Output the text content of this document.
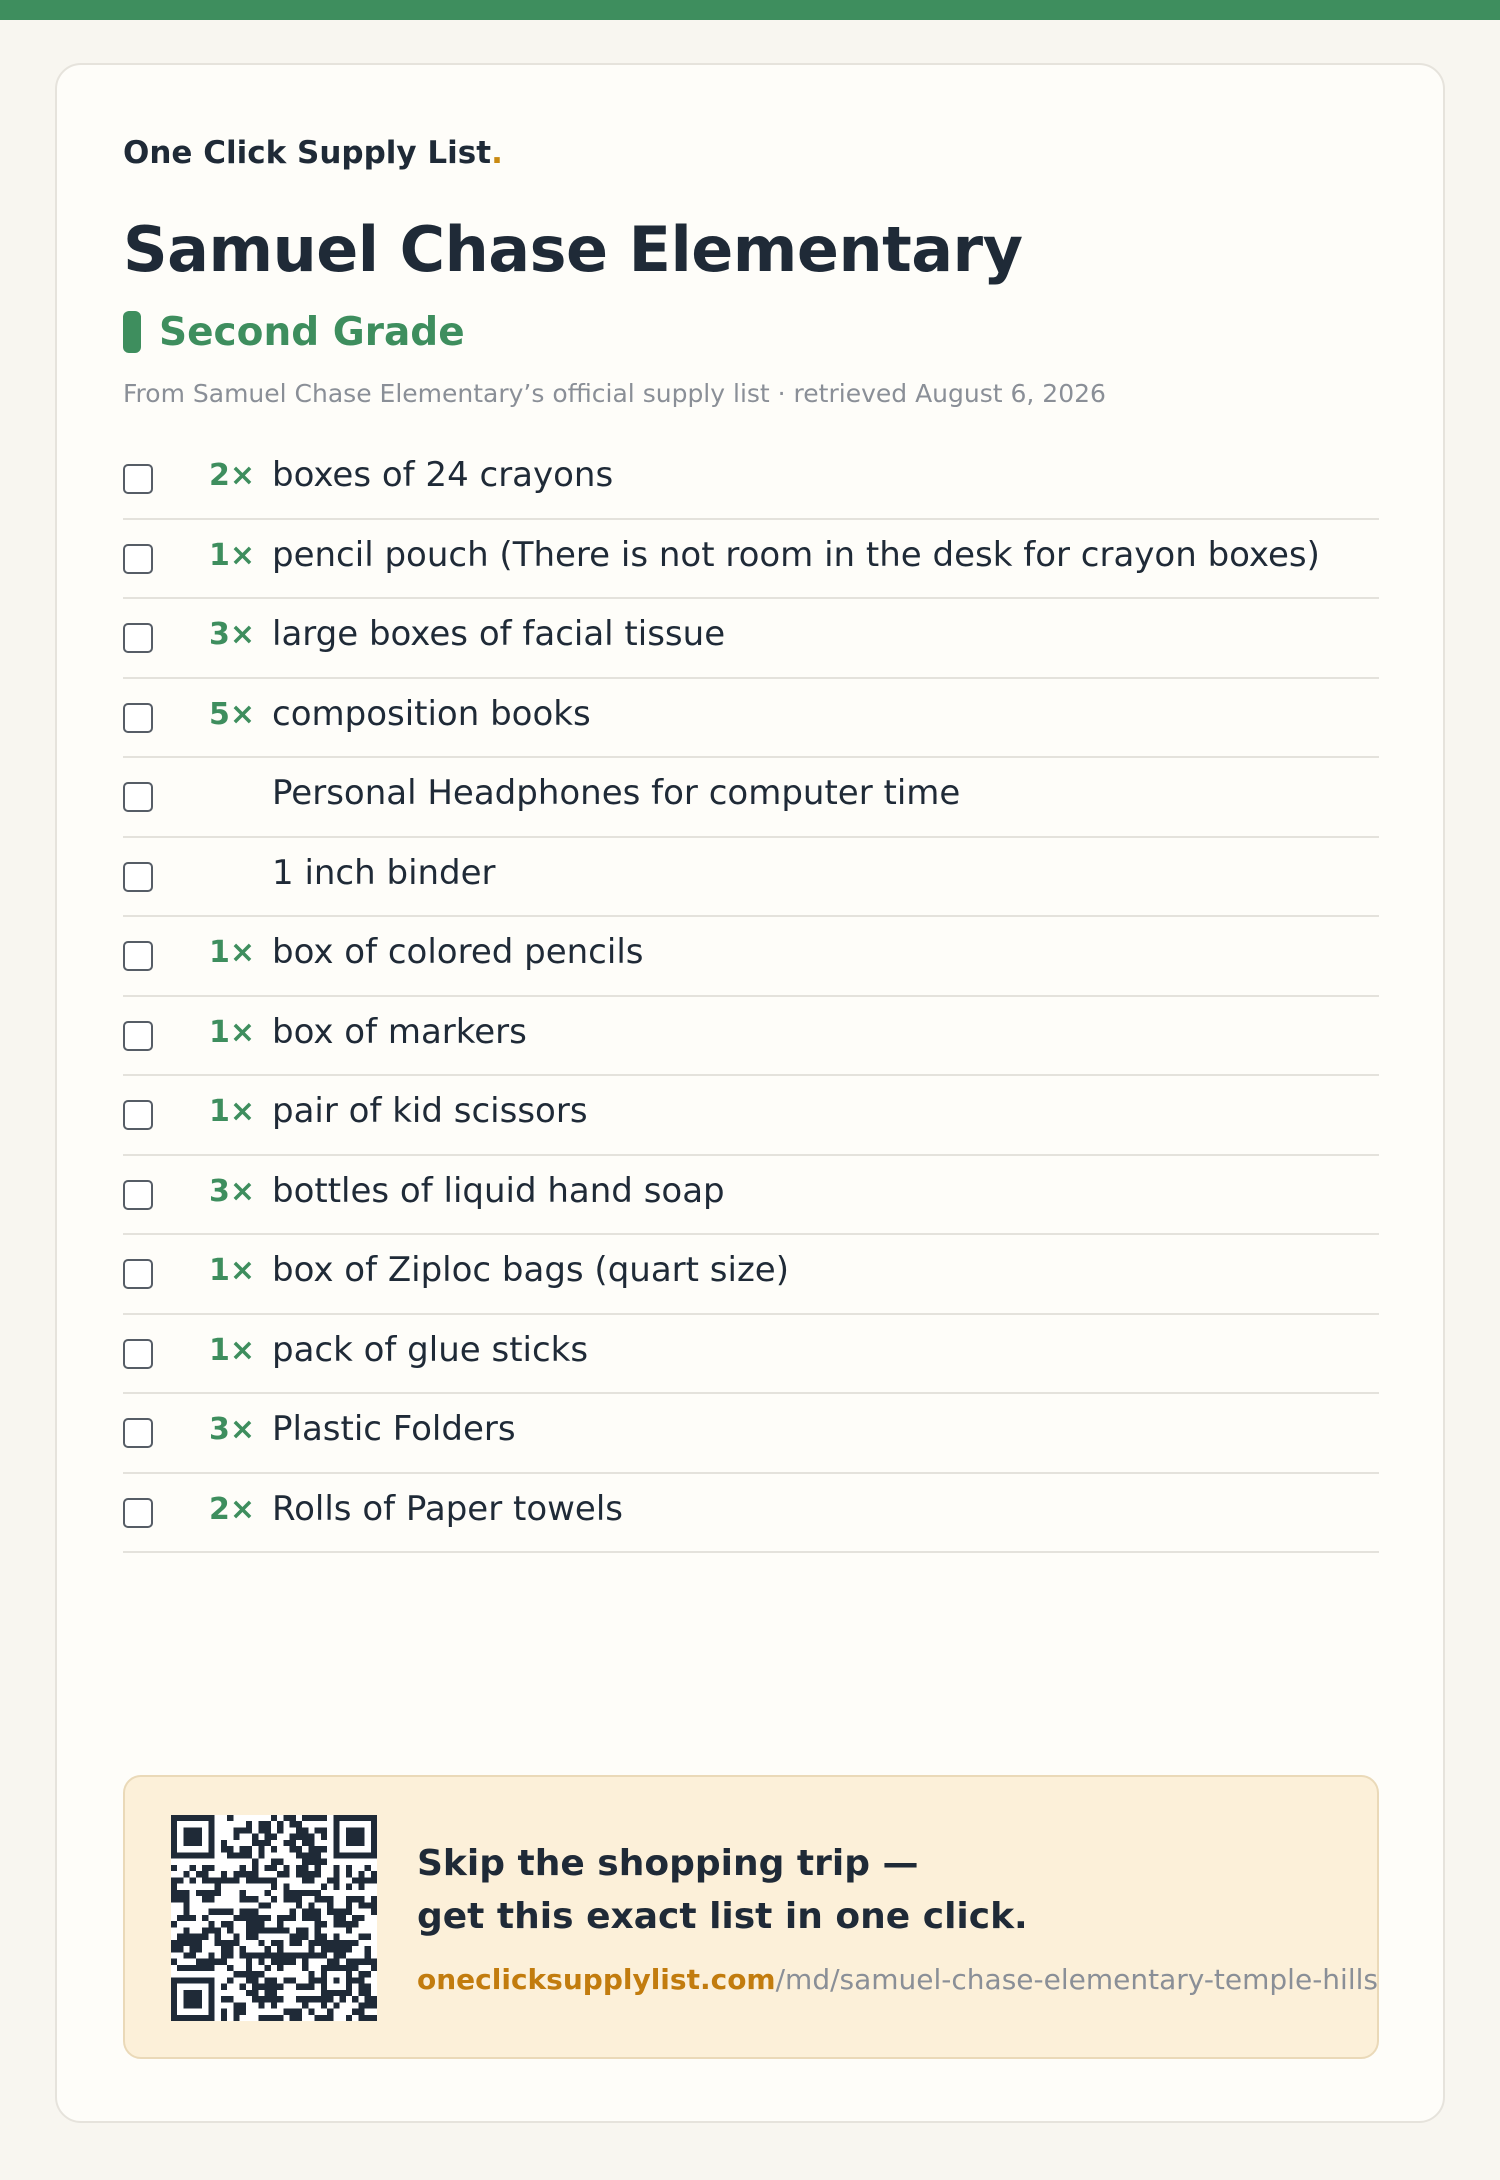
One Click Supply List.
Samuel Chase Elementary
Second Grade
From Samuel Chase Elementary’s official supply list · retrieved August 6, 2026
2× boxes of 24 crayons
1× pencil pouch (There is not room in the desk for crayon boxes)
3× large boxes of facial tissue
5× composition books
Personal Headphones for computer time
1 inch binder
1× box of colored pencils
1× box of markers
1× pair of kid scissors
3× bottles of liquid hand soap
1× box of Ziploc bags (quart size)
1× pack of glue sticks
3× Plastic Folders
2× Rolls of Paper towels
Skip the shopping trip —
get this exact list in one click.
oneclicksupplylist.com/md/samuel-chase-elementary-temple-hills
